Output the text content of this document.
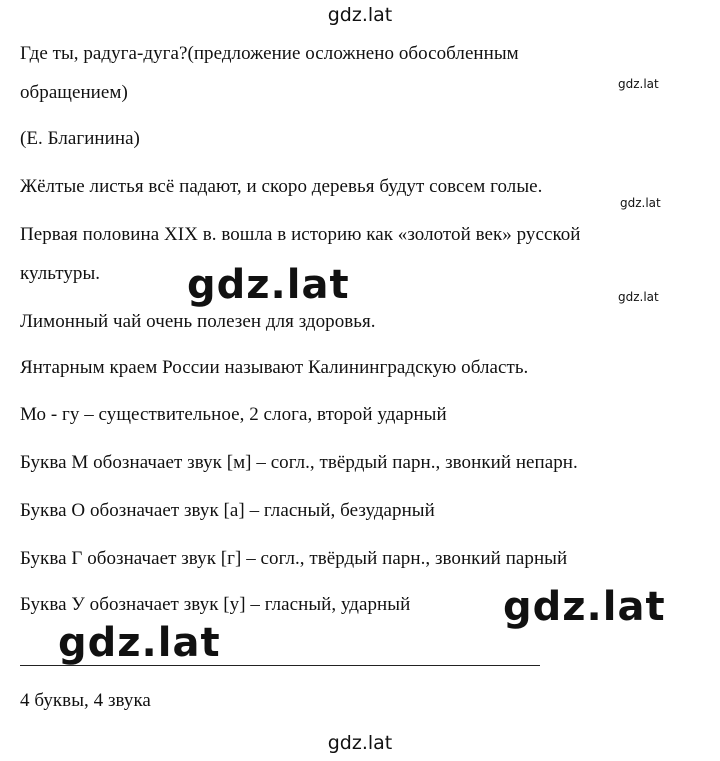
gdz.lat
Где ты, радуга-дуга?(предложение осложнено обособленным
обращением)	gdz.lat
(Е. Благинина)
Жёлтые листья всё падают, и скоро деревья будут совсем голые.
gdz.lat
Первая половина XIX в. вошла в историю как «золотой век» русской
культуры. gdz.lat	gdz.lat
Лимонный чай очень полезен для здоровья.
Янтарным краем России называют Калининградскую область.
Мо - гу – существительное, 2 слога, второй ударный
Буква М обозначает звук [м] – согл., твёрдый парн., звонкий непарн.
Буква О обозначает звук [а] – гласный, безударный
Буква Г обозначает звук [г] – согл., твёрдый парн., звонкий парный
Буква У обозначает звук [у] – гласный, ударный gdz.lat
gdz.lat
4 буквы, 4 звука
gdz.lat
